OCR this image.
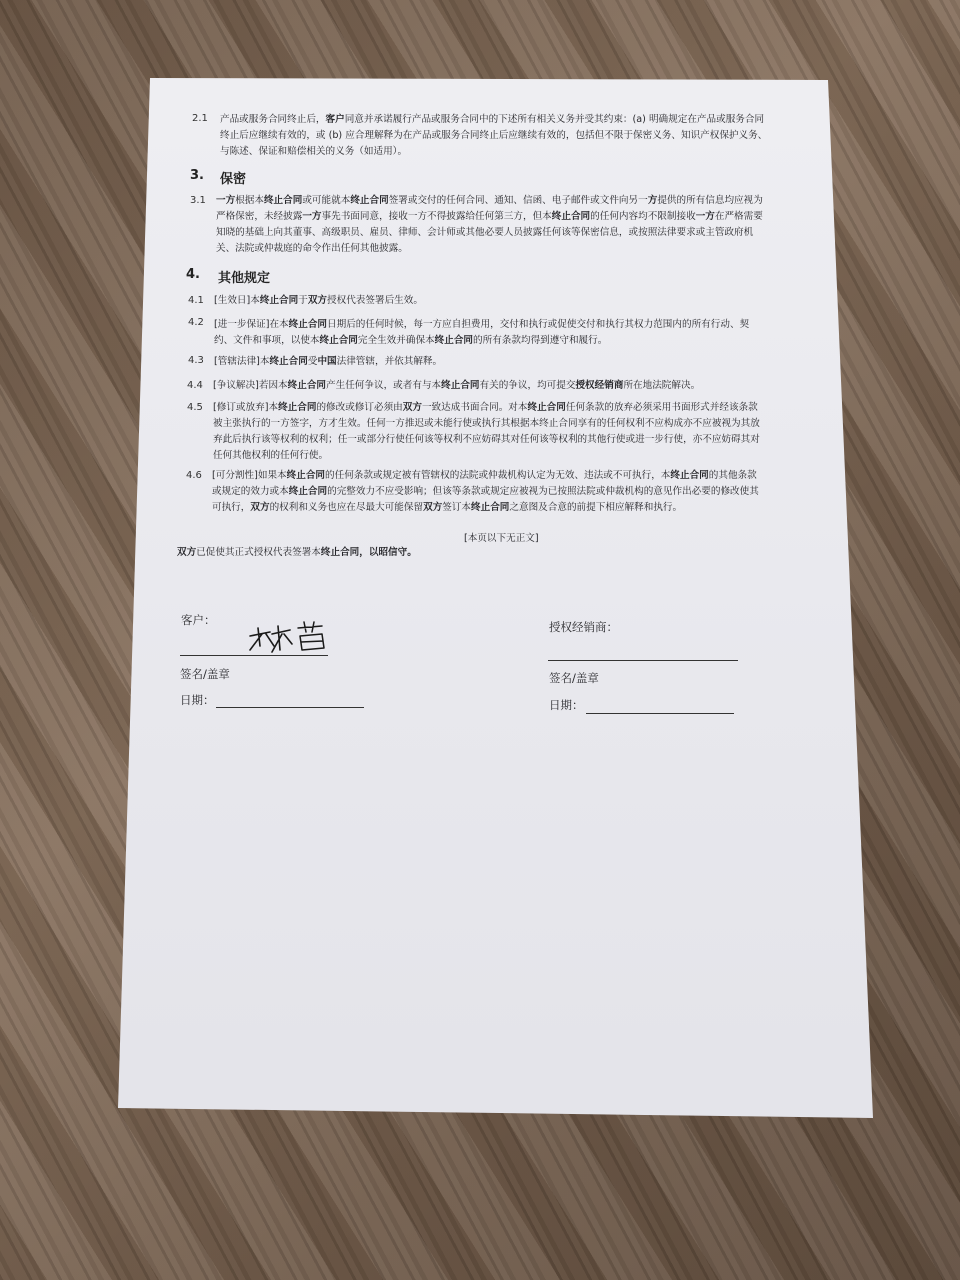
2.1 产品或服务合同终止后，客户同意并承诺履行产品或服务合同中的下述所有相关义务并受其约束：(a) 明确规定在产品或服务合同
终止后应继续有效的，或 (b) 应合理解释为在产品或服务合同终止后应继续有效的，包括但不限于保密义务、知识产权保护义务、
与陈述、保证和赔偿相关的义务（如适用）。
3. 保密
3.1 一方根据本终止合同或可能就本终止合同签署或交付的任何合同、通知、信函、电子邮件或文件向另一方提供的所有信息均应视为
严格保密，未经披露一方事先书面同意，接收一方不得披露给任何第三方，但本终止合同的任何内容均不限制接收一方在严格需要
知晓的基础上向其董事、高级职员、雇员、律师、会计师或其他必要人员披露任何该等保密信息，或按照法律要求或主管政府机
关、法院或仲裁庭的命令作出任何其他披露。
4. 其他规定
4.1 [生效日]本终止合同于双方授权代表签署后生效。
4.2 [进一步保证]在本终止合同日期后的任何时候，每一方应自担费用，交付和执行或促使交付和执行其权力范围内的所有行动、契
约、文件和事项，以使本终止合同完全生效并确保本终止合同的所有条款均得到遵守和履行。
4.3 [管辖法律]本终止合同受中国法律管辖，并依其解释。
4.4 [争议解决]若因本终止合同产生任何争议，或者有与本终止合同有关的争议，均可提交授权经销商所在地法院解决。
4.5 [修订或放弃]本终止合同的修改或修订必须由双方一致达成书面合同。对本终止合同任何条款的放弃必须采用书面形式并经该条款
被主张执行的一方签字，方才生效。任何一方推迟或未能行使或执行其根据本终止合同享有的任何权利不应构成亦不应被视为其放
弃此后执行该等权利的权利；任一或部分行使任何该等权利不应妨碍其对任何该等权利的其他行使或进一步行使，亦不应妨碍其对
任何其他权利的任何行使。
4.6 [可分割性]如果本终止合同的任何条款或规定被有管辖权的法院或仲裁机构认定为无效、违法或不可执行，本终止合同的其他条款
或规定的效力或本终止合同的完整效力不应受影响；但该等条款或规定应被视为已按照法院或仲裁机构的意见作出必要的修改使其
可执行，双方的权利和义务也应在尽最大可能保留双方签订本终止合同之意图及合意的前提下相应解释和执行。
[本页以下无正文]
双方已促使其正式授权代表签署本终止合同，以昭信守。
客户：
签名/盖章
日期：
授权经销商：
签名/盖章
日期：
